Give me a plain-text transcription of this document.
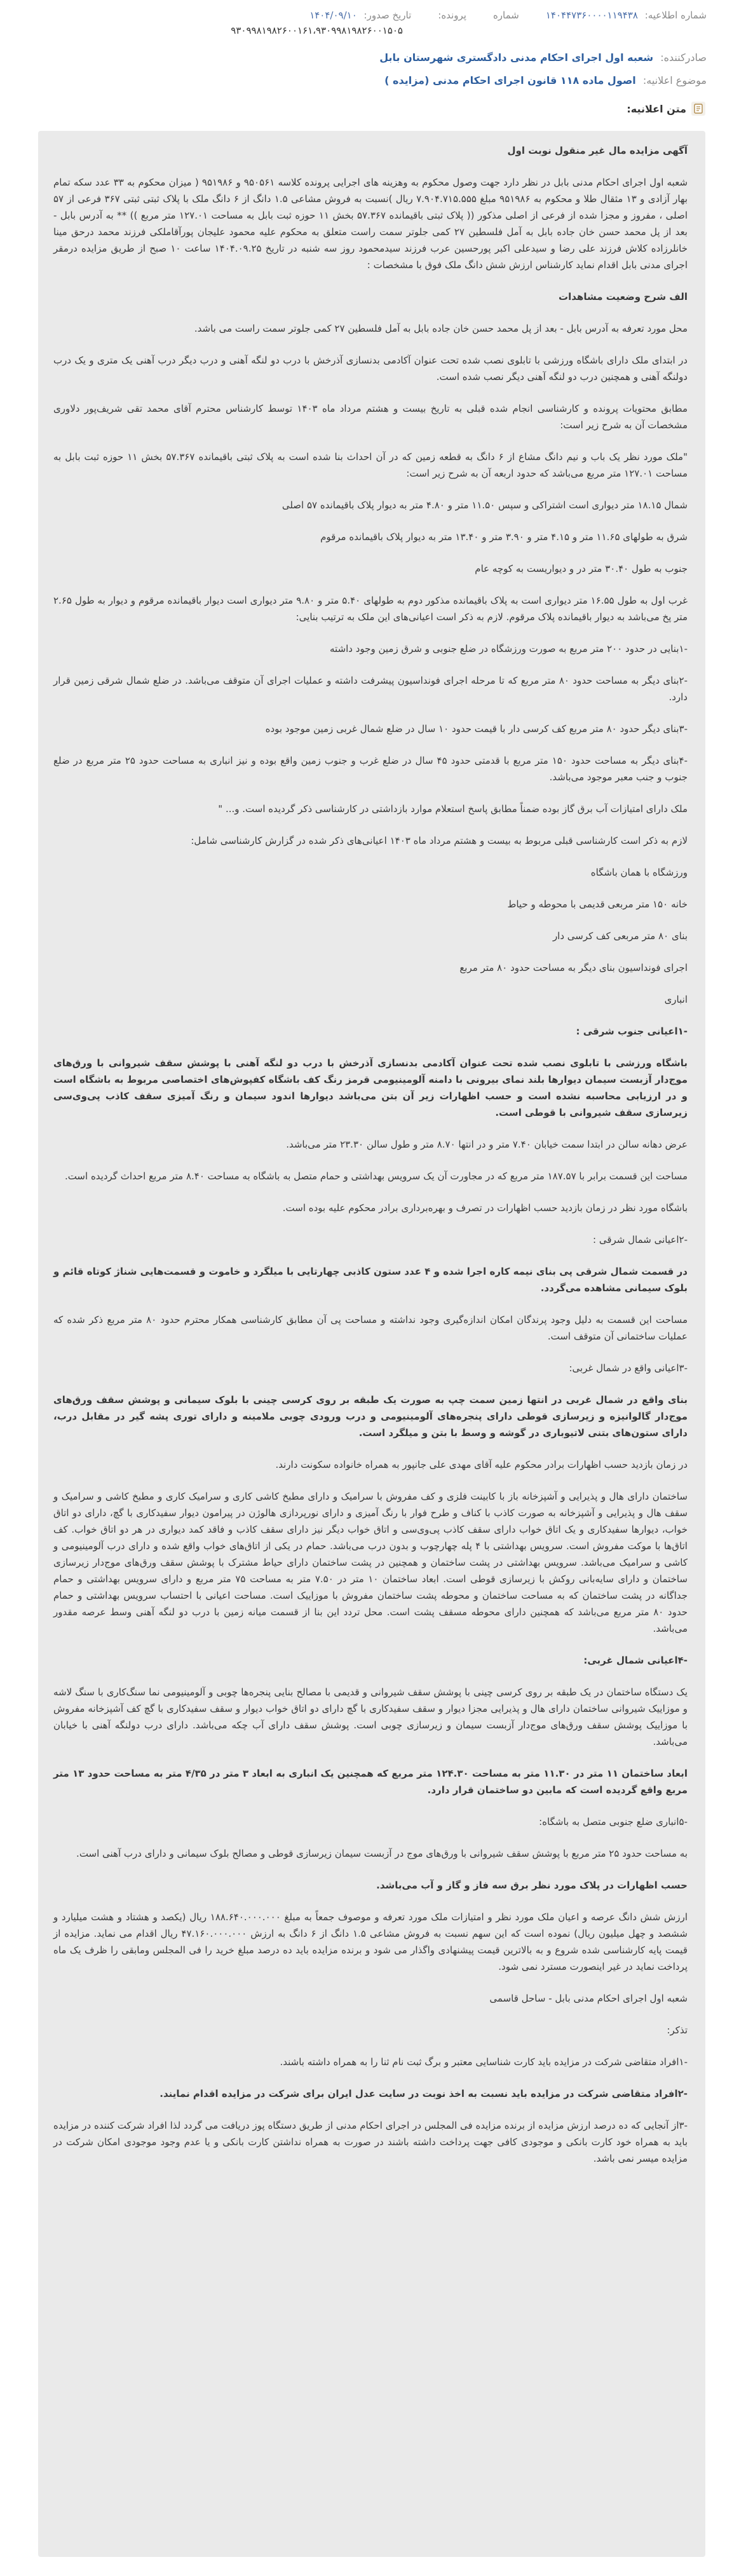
شماره اطلاعیه: ۱۴۰۴۴۷۳۶۰۰۰۰۱۱۹۴۳۸
شماره
پرونده:
تاریخ صدور: ۱۴۰۴/۰۹/۱۰
۹۳۰۹۹۸۱۹۸۲۶۰۰۱۶۱،۹۳۰۹۹۸۱۹۸۲۶۰۰۱۵۰۵
صادرکننده: شعبه اول اجرای احکام مدنی دادگستری شهرستان بابل
موضوع اعلانیه: اصول ماده ۱۱۸ قانون اجرای احکام مدنی (مزایده )
متن اعلانیه:

آگهی مزایده مال غیر منقول نوبت اول

شعبه اول اجرای احکام مدنی بابل در نظر دارد جهت وصول محکوم به وهزینه های اجرایی پرونده کلاسه ۹۵۰۵۶۱ و ۹۵۱۹۸۶ ( میزان محکوم به ۳۳ عدد سکه تمام بهار آزادی و ۱۳ مثقال طلا و محکوم به ۹۵۱۹۸۶ مبلغ ۷.۹۰۴.۷۱۵.۵۵۵ ریال )نسبت به فروش مشاعی ۱.۵ دانگ از ۶ دانگ ملک با پلاک ثبتی ثبتی ۳۶۷ فرعی از ۵۷ اصلی ، مفروز و مجزا شده از فرعی از اصلی مذکور (( پلاک ثبتی باقیمانده ۵۷.۳۶۷ بخش ۱۱ حوزه ثبت بابل به مساحت ۱۲۷.۰۱ متر مربع )) ** به آدرس بابل - بعد از پل محمد حسن خان جاده بابل به آمل فلسطین ۲۷ کمی جلوتر سمت راست متعلق به محکوم علیه محمود علیجان پورآقاملکی فرزند محمد درحق مینا خانلرزاده کلاش فرزند علی رضا و سیدعلی اکبر پورحسین عرب فرزند سیدمحمود روز سه شنبه در تاریخ ۱۴۰۴.۰۹.۲۵ ساعت ۱۰ صبح از طریق مزایده درمقر اجرای مدنی بابل اقدام نماید کارشناس ارزش شش دانگ ملک فوق با مشخصات :

الف شرح وضعیت مشاهدات

محل مورد تعرفه به آدرس بابل - بعد از پل محمد حسن خان جاده بابل به آمل فلسطین ۲۷ کمی جلوتر سمت راست می باشد.

در ابتدای ملک دارای باشگاه ورزشی با تابلوی نصب شده تحت عنوان آکادمی بدنسازی آذرخش با درب دو لنگه آهنی و درب دیگر درب آهنی یک متری و یک درب دولنگه آهنی و همچنین درب دو لنگه آهنی دیگر نصب شده است.

مطابق محتویات پرونده و کارشناسی انجام شده قبلی به تاریخ بیست و هشتم مرداد ماه ۱۴۰۳ توسط کارشناس محترم آقای محمد تقی شریف‌پور دلاوری مشخصات آن به شرح زیر است:

"ملک مورد نظر یک باب و نیم دانگ مشاع از ۶ دانگ به قطعه زمین که در آن احداث بنا شده است به پلاک ثبتی باقیمانده ۵۷.۳۶۷ بخش ۱۱ حوزه ثبت بابل به مساحت ۱۲۷.۰۱ متر مربع می‌باشد که حدود اربعه آن به شرح زیر است:

شمال ۱۸.۱۵ متر دیواری است اشتراکی و سپس ۱۱.۵۰ متر و ۴.۸۰ متر به دیوار پلاک باقیمانده ۵۷ اصلی

شرق به طولهای ۱۱.۶۵ متر و ۴.۱۵ متر و ۳.۹۰ متر و ۱۳.۴۰ متر به دیوار پلاک باقیمانده مرقوم

جنوب به طول ۳۰.۴۰ متر در و دیواریست به کوچه عام

غرب اول به طول ۱۶.۵۵ متر دیواری است به پلاک باقیمانده مذکور دوم به طولهای ۵.۴۰ متر و ۹.۸۰ متر دیواری است دیوار باقیمانده مرقوم و دیوار به طول ۲.۶۵ متر پخ می‌باشد به دیوار باقیمانده پلاک مرقوم. لازم به ذکر است اعیانی‌های این ملک به ترتیب بنایی:

-۱بنایی در حدود ۲۰۰ متر مربع به صورت ورزشگاه در ضلع جنوبی و شرق زمین وجود داشته

-۲بنای دیگر به مساحت حدود ۸۰ متر مربع که تا مرحله اجرای فونداسیون پیشرفت داشته و عملیات اجرای آن متوقف می‌باشد. در ضلع شمال شرقی زمین قرار دارد.

-۳بنای دیگر حدود ۸۰ متر مربع کف کرسی دار با قیمت حدود ۱۰ سال در ضلع شمال غربی زمین موجود بوده

-۴بنای دیگر به مساحت حدود ۱۵۰ متر مربع با قدمتی حدود ۴۵ سال در ضلع غرب و جنوب زمین واقع بوده و نیز انباری به مساحت حدود ۲۵ متر مربع در ضلع جنوب و جنب معبر موجود می‌باشد.

ملک دارای امتیازات آب برق گاز بوده ضمناً مطابق پاسخ استعلام موارد بازداشتی در کارشناسی ذکر گردیده است. و... "

لازم به ذکر است کارشناسی قبلی مربوط به بیست و هشتم مرداد ماه ۱۴۰۳ اعیانی‌های ذکر شده در گزارش کارشناسی شامل:

ورزشگاه با همان باشگاه

خانه ۱۵۰ متر مربعی قدیمی با محوطه و حیاط

بنای ۸۰ متر مربعی کف کرسی دار

اجرای فونداسیون بنای دیگر به مساحت حدود ۸۰ متر مربع

انباری

-۱اعیانی جنوب شرقی :

باشگاه ورزشی با تابلوی نصب شده تحت عنوان آکادمی بدنسازی آذرخش با درب دو لنگه آهنی با پوشش سقف شیروانی با ورق‌های موج‌دار آزبست سیمان دیوارها بلند نمای بیرونی با دامنه آلومینیومی قرمز رنگ کف باشگاه کفپوش‌های اختصاصی مربوط به باشگاه است و در ارزیابی محاسبه نشده است و حسب اظهارات زیر آن بتن می‌باشد دیوارها اندود سیمان و رنگ آمیزی سقف کاذب پی‌وی‌سی زیرسازی سقف شیروانی با قوطی است.

عرض دهانه سالن در ابتدا سمت خیابان ۷.۴۰ متر و در انتها ۸.۷۰ متر و طول سالن ۲۳.۳۰ متر می‌باشد.

مساحت این قسمت برابر با ۱۸۷.۵۷ متر مربع که در مجاورت آن یک سرویس بهداشتی و حمام متصل به باشگاه به مساحت ۸.۴۰ متر مربع احداث گردیده است.

باشگاه مورد نظر در زمان بازدید حسب اظهارات در تصرف و بهره‌برداری برادر محکوم علیه بوده است.

-۲اعیانی شمال شرقی :

در قسمت شمال شرقی پی بنای نیمه کاره اجرا شده و ۴ عدد ستون کاذبی چهارتایی با میلگرد و خاموت و قسمت‌هایی شناژ کوتاه قائم و بلوک سیمانی مشاهده می‌گردد.

مساحت این قسمت به دلیل وجود پرندگان امکان اندازه‌گیری وجود نداشته و مساحت پی آن مطابق کارشناسی همکار محترم حدود ۸۰ متر مربع ذکر شده که عملیات ساختمانی آن متوقف است.

-۳اعیانی واقع در شمال غربی:

بنای واقع در شمال غربی در انتها زمین سمت چپ به صورت یک طبقه بر روی کرسی چینی با بلوک سیمانی و پوشش سقف ورق‌های موج‌دار گالوانیزه و زیرسازی قوطی دارای پنجره‌های آلومینیومی و درب ورودی چوبی ملامینه و دارای توری پشه گیر در مقابل درب، دارای ستون‌های بتنی لاتیوباری در گوشه و وسط با بتن و میلگرد است.

در زمان بازدید حسب اظهارات برادر محکوم علیه آقای مهدی علی جانپور به همراه خانواده سکونت دارند.

ساختمان دارای هال و پذیرایی و آشپزخانه باز با کابینت فلزی و کف مفروش با سرامیک و دارای مطبخ کاشی کاری و سرامیک کاری و مطبخ کاشی و سرامیک و سقف هال و پذیرایی و آشپزخانه به صورت کاذب با کناف و طرح فوار با رنگ آمیزی و دارای نورپردازی هالوژن در پیرامون دیوار سفیدکاری با گچ، دارای دو اتاق خواب، دیوارها سفیدکاری و یک اتاق خواب دارای سقف کاذب پی‌وی‌سی و اتاق خواب دیگر نیز دارای سقف کاذب و فاقد کمد دیواری در هر دو اتاق خواب. کف اتاق‌ها با موکت مفروش است. سرویس بهداشتی با ۴ پله چهارچوب و بدون درب می‌باشد. حمام در یکی از اتاق‌های خواب واقع شده و دارای درب آلومینیومی و کاشی و سرامیک می‌باشد. سرویس بهداشتی در پشت ساختمان و همچنین در پشت ساختمان دارای حیاط مشترک با پوشش سقف ورق‌های موج‌دار زیرسازی ساختمان و دارای سایه‌بانی روکش با زیرسازی قوطی است. ابعاد ساختمان ۱۰ متر در ۷.۵۰ متر به مساحت ۷۵ متر مربع و دارای سرویس بهداشتی و حمام جداگانه در پشت ساختمان که به مساحت ساختمان و محوطه پشت ساختمان مفروش با موزاییک است. مساحت اعیانی با احتساب سرویس بهداشتی و حمام حدود ۸۰ متر مربع می‌باشد که همچنین دارای محوطه مسقف پشت است. محل تردد این بنا از قسمت میانه زمین با درب دو لنگه آهنی وسط عرصه مقدور می‌باشد.

-۴اعیانی شمال غربی:

یک دستگاه ساختمان در یک طبقه بر روی کرسی چینی با پوشش سقف شیروانی و قدیمی با مصالح بنایی پنجره‌ها چوبی و آلومینیومی نما سنگ‌کاری با سنگ لاشه و موزاییک شیروانی ساختمان دارای هال و پذیرایی مجزا دیوار و سقف سفیدکاری با گچ دارای دو اتاق خواب دیوار و سقف سفیدکاری با گچ کف آشپزخانه مفروش با موزاییک پوشش سقف ورق‌های موج‌دار آزبست سیمان و زیرسازی چوبی است. پوشش سقف دارای آب چکه می‌باشد. دارای درب دولنگه آهنی با خیابان می‌باشد.

ابعاد ساختمان ۱۱ متر در ۱۱.۳۰ متر به مساحت ۱۲۴.۳۰ متر مربع که همچنین یک انباری به ابعاد ۳ متر در ۴/۳۵ متر به مساحت حدود ۱۳ متر مربع واقع گردیده است که مابین دو ساختمان قرار دارد.

-۵انباری ضلع جنوبی متصل به باشگاه:

به مساحت حدود ۲۵ متر مربع با پوشش سقف شیروانی با ورق‌های موج در آزبست سیمان زیرسازی قوطی و مصالح بلوک سیمانی و دارای درب آهنی است.

حسب اظهارات در پلاک مورد نظر برق سه فاز و گاز و آب می‌باشد.

ارزش شش دانگ عرصه و اعیان ملک مورد نظر و امتیازات ملک مورد تعرفه و موصوف جمعاً به مبلغ ۱۸۸.۶۴۰.۰۰۰.۰۰۰ ریال (یکصد و هشتاد و هشت میلیارد و ششصد و چهل میلیون ریال) نموده است که این سهم نسبت به فروش مشاعی ۱.۵ دانگ از ۶ دانگ به ارزش ۴۷.۱۶۰.۰۰۰.۰۰۰ ریال اقدام می نماید. مزایده از قیمت پایه کارشناسی شده شروع و به بالاترین قیمت پیشنهادی واگذار می شود و برنده مزایده باید ده درصد مبلغ خرید را فی المجلس ومابقی را ظرف یک ماه پرداخت نماید در غیر اینصورت مسترد نمی شود.

شعبه اول اجرای احکام مدنی بابل - ساحل قاسمی

تذکر:

-۱افراد متقاضی شرکت در مزایده باید کارت شناسایی معتبر و برگ ثبت نام ثنا را به همراه داشته باشند.

-۲افراد متقاضی شرکت در مزایده باید نسبت به اخذ نوبت در سایت عدل ایران برای شرکت در مزایده اقدام نمایند.

-۳از آنجایی که ده درصد ارزش مزایده از برنده مزایده فی المجلس در اجرای احکام مدنی از طریق دستگاه پوز دریافت می گردد لذا افراد شرکت کننده در مزایده باید به همراه خود کارت بانکی و موجودی کافی جهت پرداخت داشته باشند در صورت به همراه نداشتن کارت بانکی و یا عدم وجود موجودی امکان شرکت در مزایده میسر نمی باشد.
